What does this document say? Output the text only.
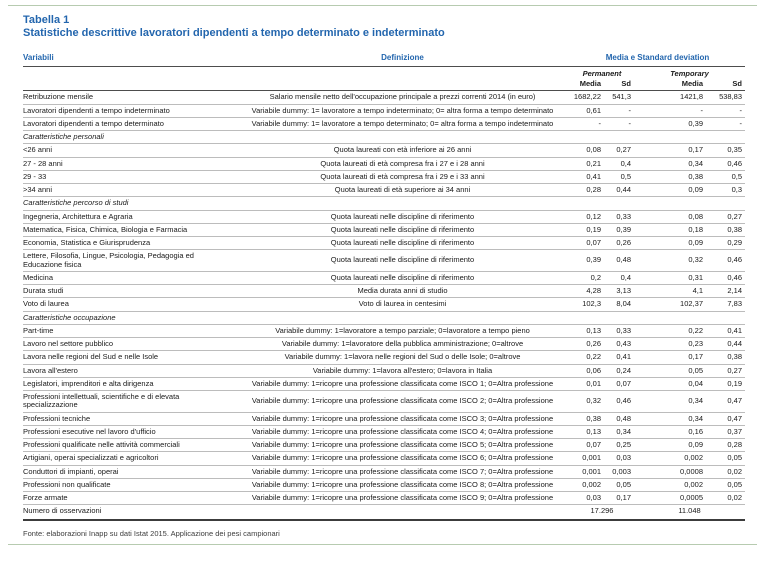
Tabella 1
Statistiche descrittive lavoratori dipendenti a tempo determinato e indeterminato
Variabili	Definizione	Media e Standard deviation			
		Permanent		Temporary	
		Media	Sd	Media	Sd
Retribuzione mensile	Salario mensile netto dell'occupazione principale a prezzi correnti 2014 (in euro)	1682,22	541,3	1421,8	538,83
Lavoratori dipendenti a tempo indeterminato	Variabile dummy: 1= lavoratore a tempo indeterminato; 0= altra forma a tempo determinato	0,61	-	-	-
Lavoratori dipendenti a tempo determinato	Variabile dummy: 1= lavoratore a tempo determinato; 0= altra forma a tempo indeterminato	-	-	0,39	-
Caratteristiche personali					
<26 anni	Quota laureati con età inferiore ai 26 anni	0,08	0,27	0,17	0,35
27 - 28 anni	Quota laureati di età compresa fra i 27 e i 28 anni	0,21	0,4	0,34	0,46
29 - 33	Quota laureati di età compresa fra i 29 e i 33 anni	0,41	0,5	0,38	0,5
>34 anni	Quota laureati di età superiore ai 34 anni	0,28	0,44	0,09	0,3
Caratteristiche percorso di studi					
Ingegneria, Architettura e Agraria	Quota laureati nelle discipline di riferimento	0,12	0,33	0,08	0,27
Matematica, Fisica, Chimica, Biologia e Farmacia	Quota laureati nelle discipline di riferimento	0,19	0,39	0,18	0,38
Economia, Statistica e Giurisprudenza	Quota laureati nelle discipline di riferimento	0,07	0,26	0,09	0,29
Lettere, Filosofia, Lingue, Psicologia, Pedagogia ed Educazione fisica	Quota laureati nelle discipline di riferimento	0,39	0,48	0,32	0,46
Medicina	Quota laureati nelle discipline di riferimento	0,2	0,4	0,31	0,46
Durata studi	Media durata anni di studio	4,28	3,13	4,1	2,14
Voto di laurea	Voto di laurea in centesimi	102,3	8,04	102,37	7,83
Caratteristiche occupazione					
Part-time	Variabile dummy: 1=lavoratore a tempo parziale; 0=lavoratore a tempo pieno	0,13	0,33	0,22	0,41
Lavoro nel settore pubblico	Variabile dummy: 1=lavoratore della pubblica amministrazione; 0=altrove	0,26	0,43	0,23	0,44
Lavora nelle regioni del Sud e nelle Isole	Variabile dummy: 1=lavora nelle regioni del Sud o delle Isole; 0=altrove	0,22	0,41	0,17	0,38
Lavora all'estero	Variabile dummy: 1=lavora all'estero; 0=lavora in Italia	0,06	0,24	0,05	0,27
Legislatori, imprenditori e alta dirigenza	Variabile dummy: 1=ricopre una professione classificata come ISCO 1; 0=Altra professione	0,01	0,07	0,04	0,19
Professioni intellettuali, scientifiche e di elevata specializzazione	Variabile dummy: 1=ricopre una professione classificata come ISCO 2; 0=Altra professione	0,32	0,46	0,34	0,47
Professioni tecniche	Variabile dummy: 1=ricopre una professione classificata come ISCO 3; 0=Altra professione	0,38	0,48	0,34	0,47
Professioni esecutive nel lavoro d'ufficio	Variabile dummy: 1=ricopre una professione classificata come ISCO 4; 0=Altra professione	0,13	0,34	0,16	0,37
Professioni qualificate nelle attività commerciali	Variabile dummy: 1=ricopre una professione classificata come ISCO 5; 0=Altra professione	0,07	0,25	0,09	0,28
Artigiani, operai specializzati e agricoltori	Variabile dummy: 1=ricopre una professione classificata come ISCO 6; 0=Altra professione	0,001	0,03	0,002	0,05
Conduttori di impianti, operai	Variabile dummy: 1=ricopre una professione classificata come ISCO 7; 0=Altra professione	0,001	0,003	0,0008	0,02
Professioni non qualificate	Variabile dummy: 1=ricopre una professione classificata come ISCO 8; 0=Altra professione	0,002	0,05	0,002	0,05
Forze armate	Variabile dummy: 1=ricopre una professione classificata come ISCO 9; 0=Altra professione	0,03	0,17	0,0005	0,02
Numero di osservazioni		17.296		11.048	
Fonte: elaborazioni Inapp su dati Istat 2015. Applicazione dei pesi campionari
